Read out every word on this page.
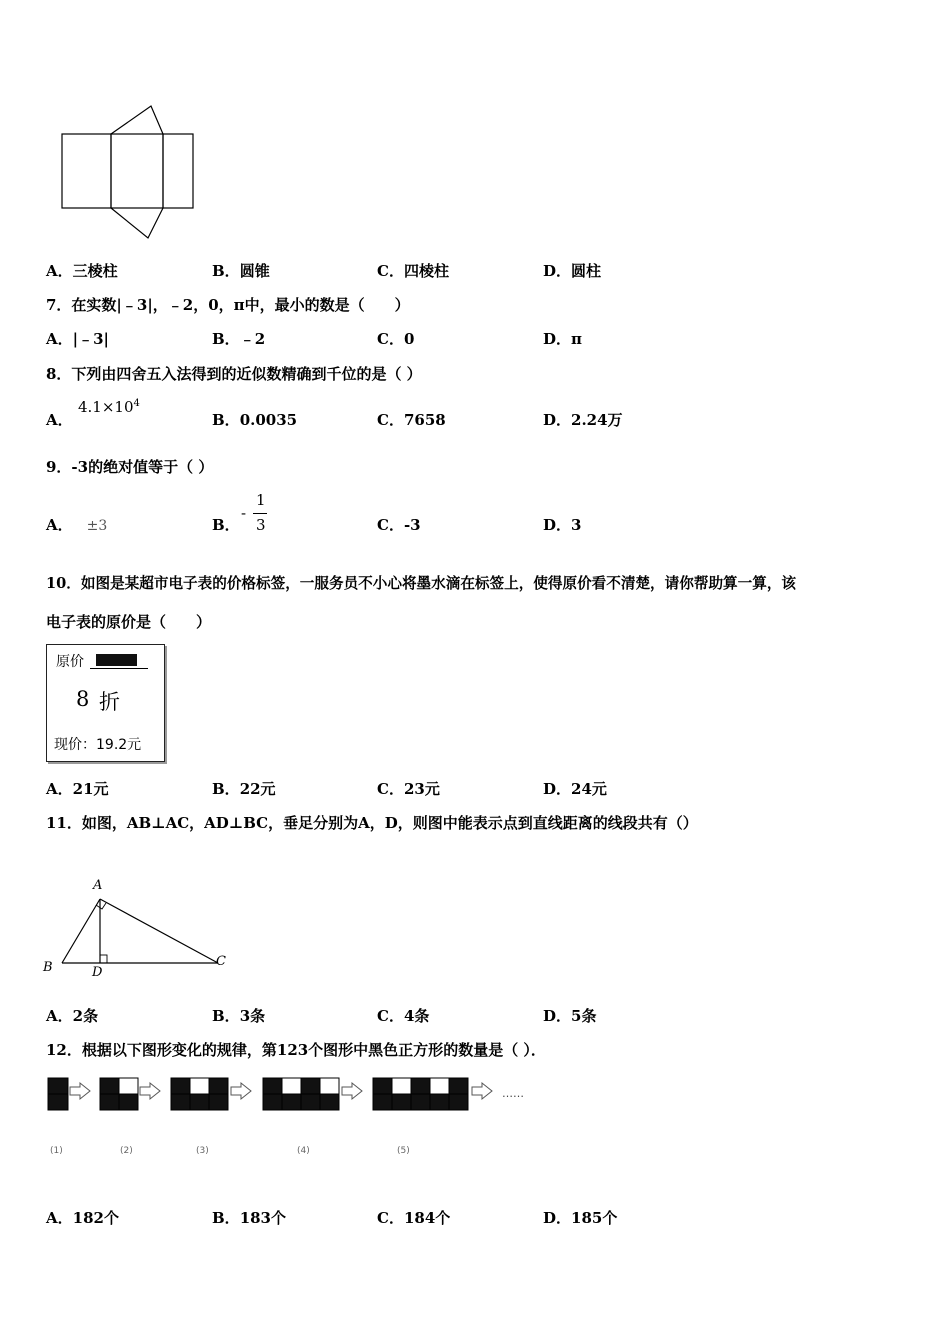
A．三棱柱	B．圆锥	C．四棱柱	D．圆柱
7．在实数|﹣3|，﹣2，0，π中，最小的数是（　　）
A．|﹣3|	B．﹣2	C．0	D．π
8．下列由四舍五入法得到的近似数精确到千位的是（ ）
A．
$4.1\times 10^4$
B．0.0035	C．7658	D．2.24万
9．-3的绝对值等于（ ）
A． ±3	B．
-
1
3	C．-3	D．3
10．如图是某超市电子表的价格标签，一服务员不小心将墨水滴在标签上，使得原价看不清楚，请你帮助算一算，该
电子表的原价是（　　）
原价
8 折
现价：19.2元
A．21元	B．22元	C．23元	D．24元
11．如图，AB⊥AC，AD⊥BC，垂足分别为A，D，则图中能表示点到直线距离的线段共有（）
A
B	C
D
A．2条	B．3条	C．4条	D．5条
12．根据以下图形变化的规律，第123个图形中黑色正方形的数量是（ ）．
……
(1)	(2)	(3)	(4)	(5)
A．182个	B．183个	C．184个	D．185个
